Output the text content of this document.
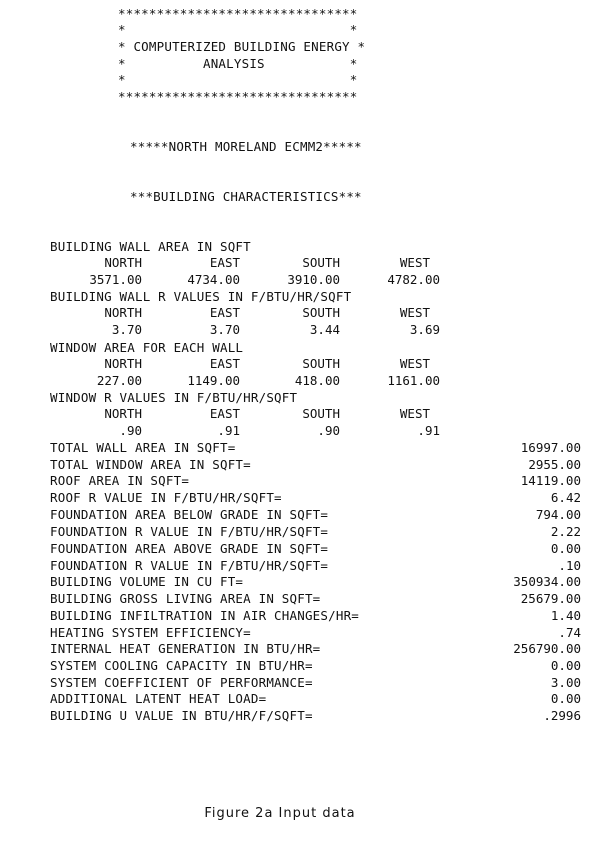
*******************************
*                             *
* COMPUTERIZED BUILDING ENERGY *
*          ANALYSIS           *
*                             *
*******************************
*****NORTH MORELAND ECMM2*****
***BUILDING CHARACTERISTICS***
BUILDING WALL AREA IN SQFT
NORTH	EAST	SOUTH	WEST
3571.00	4734.00	3910.00	4782.00
BUILDING WALL R VALUES IN F/BTU/HR/SQFT
NORTH	EAST	SOUTH	WEST
3.70	3.70	3.44	3.69
WINDOW AREA FOR EACH WALL
NORTH	EAST	SOUTH	WEST
227.00	1149.00	418.00	1161.00
WINDOW R VALUES IN F/BTU/HR/SQFT
NORTH	EAST	SOUTH	WEST
.90	.91	.90	.91
TOTAL WALL AREA IN SQFT=	16997.00
TOTAL WINDOW AREA IN SQFT=	2955.00
ROOF AREA IN SQFT=	14119.00
ROOF R VALUE IN F/BTU/HR/SQFT=	6.42
FOUNDATION AREA BELOW GRADE IN SQFT=	794.00
FOUNDATION R VALUE IN F/BTU/HR/SQFT=	2.22
FOUNDATION AREA ABOVE GRADE IN SQFT=	0.00
FOUNDATION R VALUE IN F/BTU/HR/SQFT=	.10
BUILDING VOLUME IN CU FT=	350934.00
BUILDING GROSS LIVING AREA IN SQFT=	25679.00
BUILDING INFILTRATION IN AIR CHANGES/HR=	1.40
HEATING SYSTEM EFFICIENCY=	.74
INTERNAL HEAT GENERATION IN BTU/HR=	256790.00
SYSTEM COOLING CAPACITY IN BTU/HR=	0.00
SYSTEM COEFFICIENT OF PERFORMANCE=	3.00
ADDITIONAL LATENT HEAT LOAD=	0.00
BUILDING U VALUE IN BTU/HR/F/SQFT=	.2996
Figure 2a Input data
